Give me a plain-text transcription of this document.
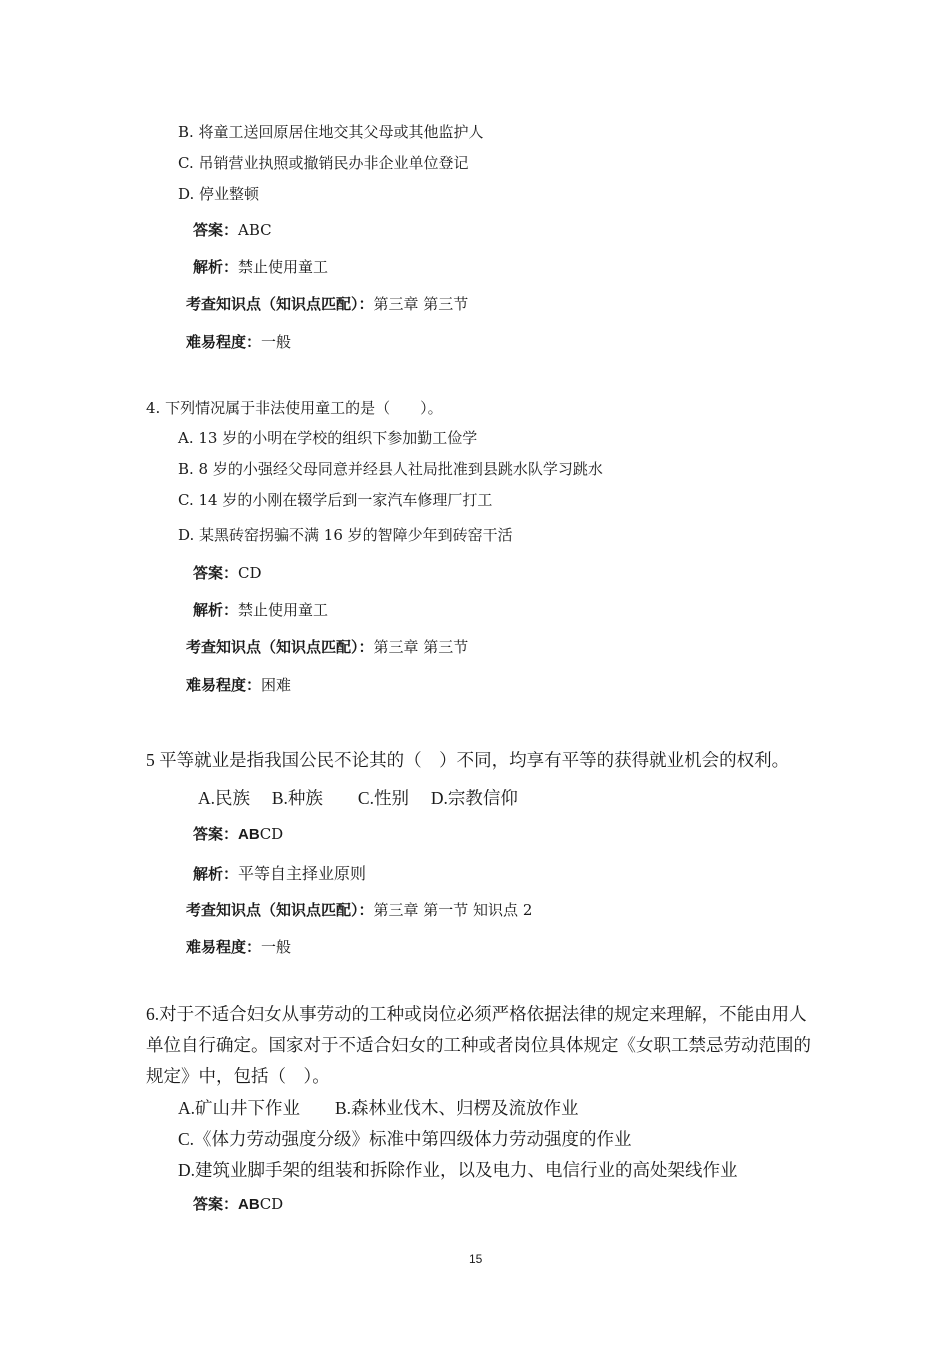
B. 将童工送回原居住地交其父母或其他监护人
C. 吊销营业执照或撤销民办非企业单位登记
D. 停业整顿
答案：ABC
解析：禁止使用童工
考查知识点（知识点匹配）：第三章 第三节
难易程度：一般
4. 下列情况属于非法使用童工的是（　　）。
A. 13 岁的小明在学校的组织下参加勤工俭学
B. 8 岁的小强经父母同意并经县人社局批准到县跳水队学习跳水
C. 14 岁的小刚在辍学后到一家汽车修理厂打工
D. 某黑砖窑拐骗不满 16 岁的智障少年到砖窑干活
答案：CD
解析：禁止使用童工
考查知识点（知识点匹配）：第三章 第三节
难易程度：困难
5 平等就业是指我国公民不论其的（　）不同，均享有平等的获得就业机会的权利。
A.民族　 B.种族　　C.性别　 D.宗教信仰
答案：ABCD
解析：平等自主择业原则
考查知识点（知识点匹配）：第三章 第一节 知识点 2
难易程度：一般
6.对于不适合妇女从事劳动的工种或岗位必须严格依据法律的规定来理解，不能由用人
单位自行确定。国家对于不适合妇女的工种或者岗位具体规定《女职工禁忌劳动范围的
规定》中，包括（　）。
A.矿山井下作业　　B.森林业伐木、归楞及流放作业
C.《体力劳动强度分级》标准中第四级体力劳动强度的作业
D.建筑业脚手架的组装和拆除作业，以及电力、电信行业的高处架线作业
答案：ABCD
15
